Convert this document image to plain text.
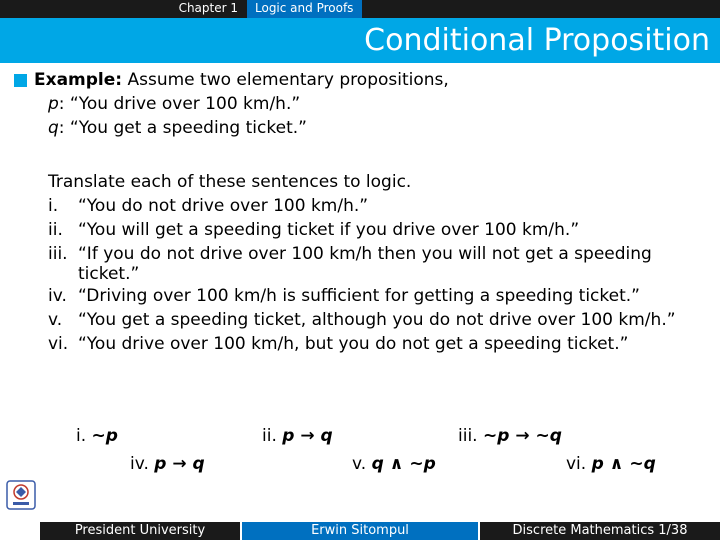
Chapter 1	Logic and Proofs
Conditional Proposition
Example: Assume two elementary propositions,
p: “You drive over 100 km/h.”
q: “You get a speeding ticket.”
Translate each of these sentences to logic.
i.	“You do not drive over 100 km/h.”
ii. “You will get a speeding ticket if you drive over 100 km/h.”
iii. “If you do not drive over 100 km/h then you will not get a speeding ticket.”
iv. “Driving over 100 km/h is sufficient for getting a speeding ticket.”
v. “You get a speeding ticket, although you do not drive over 100 km/h.”
vi. “You drive over 100 km/h, but you do not get a speeding ticket.”
i. ~p	ii. p → q	iii. ~p → ~q
iv. p → q	v. q ∧ ~p	vi. p ∧ ~q
President University	Erwin Sitompul	Discrete Mathematics 1/38
